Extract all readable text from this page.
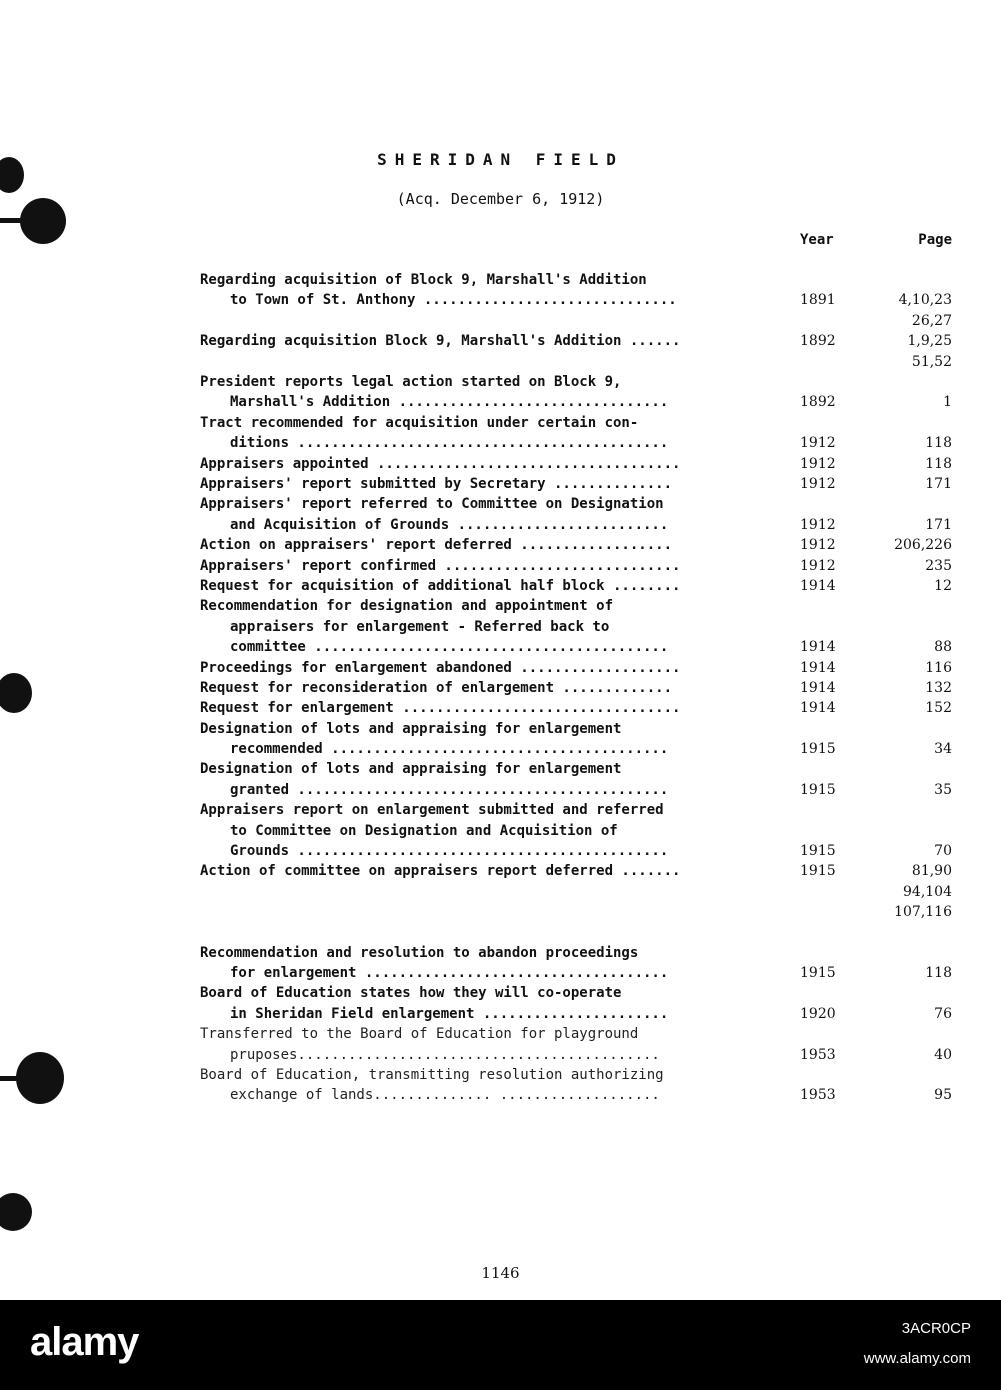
SHERIDAN FIELD
(Acq. December 6, 1912)
Year	Page
Regarding acquisition of Block 9, Marshall's Addition
to Town of St. Anthony ..............................	1891	4,10,23
26,27
Regarding acquisition Block 9, Marshall's Addition ......	1892	1,9,25
51,52
President reports legal action started on Block 9,
Marshall's Addition ................................	1892	1
Tract recommended for acquisition under certain con-
ditions ............................................	1912	118
Appraisers appointed ....................................	1912	118
Appraisers' report submitted by Secretary ..............	1912	171
Appraisers' report referred to Committee on Designation
and Acquisition of Grounds .........................	1912	171
Action on appraisers' report deferred ..................	1912	206,226
Appraisers' report confirmed ............................	1912	235
Request for acquisition of additional half block ........	1914	12
Recommendation for designation and appointment of
appraisers for enlargement - Referred back to
committee ..........................................	1914	88
Proceedings for enlargement abandoned ...................	1914	116
Request for reconsideration of enlargement .............	1914	132
Request for enlargement .................................	1914	152
Designation of lots and appraising for enlargement
recommended ........................................	1915	34
Designation of lots and appraising for enlargement
granted ............................................	1915	35
Appraisers report on enlargement submitted and referred
to Committee on Designation and Acquisition of
Grounds ............................................	1915	70
Action of committee on appraisers report deferred .......	1915	81,90
94,104
107,116
Recommendation and resolution to abandon proceedings
for enlargement ....................................	1915	118
Board of Education states how they will co-operate
in Sheridan Field enlargement ......................	1920	76
Transferred to the Board of Education for playground
pruposes...........................................	1953	40
Board of Education, transmitting resolution authorizing
exchange of lands.............. ...................	1953	95
1146
alamy	3ACR0CP
www.alamy.com
